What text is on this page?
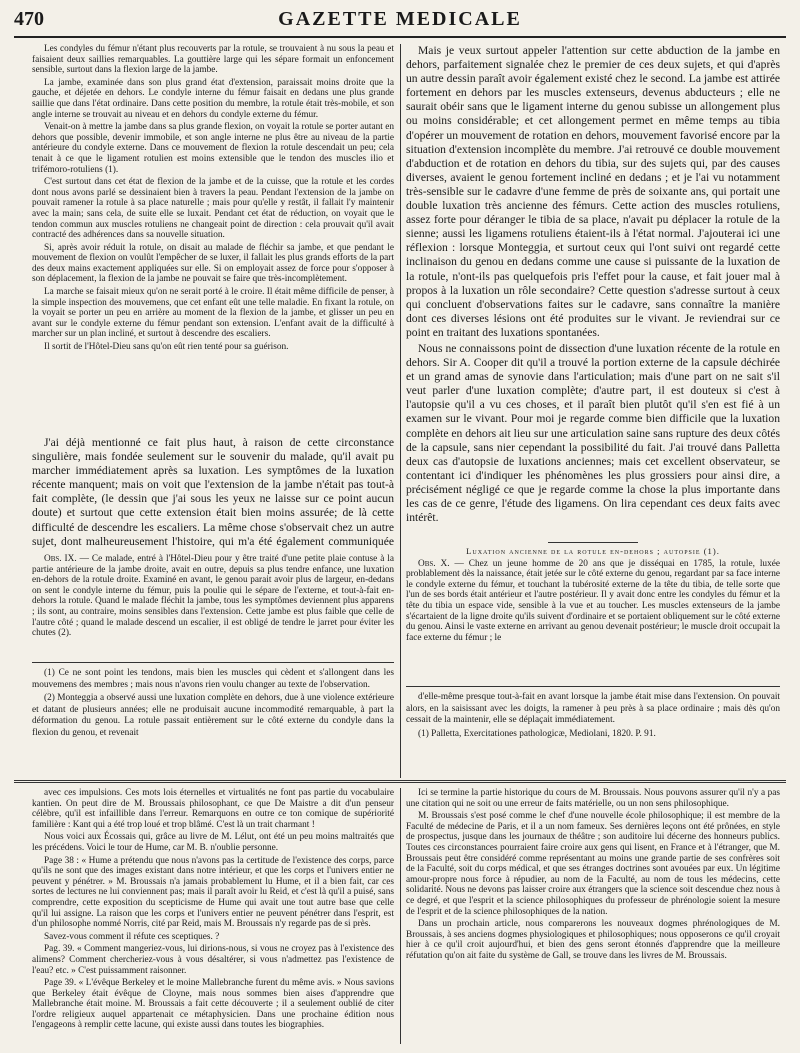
470	GAZETTE MEDICALE

Les condyles du fémur n'étant plus recouverts par la rotule, se trouvaient à nu sous la peau et faisaient deux saillies remarquables. La gouttière large qui les sépare formait un enfoncement sensible, surtout dans la flexion large de la jambe.

La jambe, examinée dans son plus grand état d'extension, paraissait moins droite que la gauche, et déjetée en dehors. Le condyle interne du fémur faisait en dedans une plus grande saillie que dans l'état ordinaire. Dans cette position du membre, la rotule était très-mobile, et son angle interne se trouvait au niveau et en dehors du condyle externe du fémur.

Venait-on à mettre la jambe dans sa plus grande flexion, on voyait la rotule se porter autant en dehors que possible, devenir immobile, et son angle interne ne plus être au niveau de la partie antérieure du condyle externe. Dans ce mouvement de flexion la rotule descendait un peu; cela tenait à ce que le ligament rotulien est moins extensible que le tendon des muscles ilio et trifémoro-rotuliens (1).

C'est surtout dans cet état de flexion de la jambe et de la cuisse, que la rotule et les cordes dont nous avons parlé se dessinaient bien à travers la peau. Pendant l'extension de la jambe on pouvait ramener la rotule à sa place naturelle ; mais pour qu'elle y restât, il fallait l'y maintenir avec la main; sans cela, de suite elle se luxait. Pendant cet état de réduction, on voyait que le tendon commun aux muscles rotuliens ne changeait point de direction : cela prouvait qu'il avait contracté des adhérences dans sa nouvelle situation.

Si, après avoir réduit la rotule, on disait au malade de fléchir sa jambe, et que pendant le mouvement de flexion on voulût l'empêcher de se luxer, il fallait les plus grands efforts de la part des deux mains exactement appliquées sur elle. Si on employait assez de force pour s'opposer à son déplacement, la flexion de la jambe ne pouvait se faire que très-incomplètement.

La marche se faisait mieux qu'on ne serait porté à le croire. Il était même difficile de penser, à la simple inspection des mouvemens, que cet enfant eût une telle maladie. En fixant la rotule, on la voyait se porter un peu en arrière au moment de la flexion de la jambe, et glisser un peu en avant sur le condyle externe du fémur pendant son extension. L'enfant avait de la difficulté à marcher sur un plan incliné, et surtout à descendre des escaliers.

Il sortit de l'Hôtel-Dieu sans qu'on eût rien tenté pour sa guérison.

J'ai déjà mentionné ce fait plus haut, à raison de cette circonstance singulière, mais fondée seulement sur le souvenir du malade, qu'il avait pu marcher immédiatement après sa luxation. Les symptômes de la luxation récente manquent; mais on voit que l'extension de la jambe n'était pas tout-à fait complète, (le dessin que j'ai sous les yeux ne laisse sur ce point aucun doute) et surtout que cette extension était bien moins assurée; de là cette difficulté de descendre les escaliers. La même chose s'observait chez un autre sujet, dont malheureusement l'histoire, qui m'a été également communiquée

Obs. IX. — Ce malade, entré à l'Hôtel-Dieu pour y être traité d'une petite plaie contuse à la partie antérieure de la jambe droite, avait en outre, depuis sa plus tendre enfance, une luxation en-dehors de la rotule droite. Examiné en avant, le genou parait avoir plus de largeur, en-dedans on sent le condyle interne du fémur, puis la poulie qui le sépare de l'externe, et tout-à-fait en-dehors la rotule. Quand le malade fléchit la jambe, tous les symptômes deviennent plus apparens ; ils sont, au contraire, moins sensibles dans l'extension. Cette jambe est plus faible que celle de l'autre côté ; quand le malade descend un escalier, il est obligé de tendre le jarret pour éviter les chutes (2).

(1) Ce ne sont point les tendons, mais bien les muscles qui cèdent et s'allongent dans les mouvemens des membres ; mais nous n'avons rien voulu changer au texte de l'observation.

(2) Monteggia a observé aussi une luxation complète en dehors, due à une violence extérieure et datant de plusieurs années; elle ne produisait aucune incommodité remarquable, à part la déformation du genou. La rotule passait entièrement sur le côté externe du condyle dans la flexion du genou, et revenait

Mais je veux surtout appeler l'attention sur cette abduction de la jambe en dehors, parfaitement signalée chez le premier de ces deux sujets, et qui d'après un autre dessin paraît avoir également existé chez le second. La jambe est attirée fortement en dehors par les muscles extenseurs, devenus abducteurs ; elle ne saurait obéir sans que le ligament interne du genou subisse un allongement plus ou moins considérable; et cet allongement permet en même temps au tibia d'opérer un mouvement de rotation en dehors, mouvement favorisé encore par la situation d'extension incomplète du membre. J'ai retrouvé ce double mouvement d'abduction et de rotation en dehors du tibia, sur des sujets qui, par des causes diverses, avaient le genou fortement incliné en dedans ; et je l'ai vu notamment très-sensible sur le cadavre d'une femme de près de soixante ans, qui portait une double luxation très ancienne des fémurs. Cette action des muscles rotuliens, assez forte pour déranger le tibia de sa place, n'avait pu déplacer la rotule de la sienne; aussi les ligamens rotuliens étaient-ils à l'état normal. J'ajouterai ici une réflexion : lorsque Monteggia, et surtout ceux qui l'ont suivi ont regardé cette inclinaison du genou en dedans comme une cause si puissante de la luxation de la rotule, n'ont-ils pas quelquefois pris l'effet pour la cause, et fait jouer mal à propos à la luxation un rôle secondaire? Cette question s'adresse surtout à ceux qui concluent d'observations faites sur le cadavre, sans connaître la manière dont ces diverses lésions ont été produites sur le vivant. Je reviendrai sur ce point en traitant des luxations spontanées.

Nous ne connaissons point de dissection d'une luxation récente de la rotule en dehors. Sir A. Cooper dit qu'il a trouvé la portion externe de la capsule déchirée et un grand amas de synovie dans l'articulation; mais d'une part on ne sait s'il veut parler d'une luxation complète; d'autre part, il est douteux si c'est à l'autopsie qu'il a vu ces choses, et il paraît bien plutôt qu'il s'en est fié à un examen sur le vivant. Pour moi je regarde comme bien difficile que la luxation complète en dehors ait lieu sur une articulation saine sans rupture des deux côtés de la capsule, sans nier cependant la possibilité du fait. J'ai trouvé dans Palletta deux cas d'autopsie de luxations anciennes; mais cet excellent observateur, se contentant ici d'indiquer les phénomènes les plus grossiers pour ainsi dire, a précisément négligé ce que je regarde comme la chose la plus importante dans les cas de ce genre, l'étude des ligamens. On lira cependant ces deux faits avec intérêt.

Luxation ancienne de la rotule en-dehors ; autopsie (1).

Obs. X. — Chez un jeune homme de 20 ans que je disséquai en 1785, la rotule, luxée problablement dès la naissance, était jetée sur le côté externe du genou, regardant par sa face interne le condyle externe du fémur, et touchant la tubérosité externe de la tête du tibia, de telle sorte que l'un de ses bords était antérieur et l'autre postérieur. Il y avait donc entre les condyles du fémur et la tête du tibia un espace vide, sensible à la vue et au toucher. Les muscles extenseurs de la jambe s'écartaient de la ligne droite qu'ils suivent d'ordinaire et se portaient obliquement sur le côté externe du genou. Ainsi le vaste externe en arrivant au genou devenait postérieur; le muscle droit occupait la face externe du fémur ; le

d'elle-même presque tout-à-fait en avant lorsque la jambe était mise dans l'extension. On pouvait alors, en la saisissant avec les doigts, la ramener à peu près à sa place ordinaire ; mais dès qu'on cessait de la maintenir, elle se déplaçait immédiatement.

(1) Palletta, Exercitationes pathologicæ, Mediolani, 1820. P. 91.

avec ces impulsions. Ces mots lois éternelles et virtualités ne font pas partie du vocabulaire kantien. On peut dire de M. Broussais philosophant, ce que De Maistre a dit d'un penseur célèbre, qu'il est infaillible dans l'erreur. Remarquons en outre ce ton comique de supériorité familière : Kant qui a été trop loué et trop blâmé. C'est là un trait charmant !

Nous voici aux Écossais qui, grâce au livre de M. Lélut, ont été un peu moins maltraités que les précédens. Voici le tour de Hume, car M. B. n'oublie personne.

Page 38 : « Hume a prétendu que nous n'avons pas la certitude de l'existence des corps, parce qu'ils ne sont que des images existant dans notre intérieur, et que les corps et l'univers entier ne peuvent y pénétrer. » M. Broussais n'a jamais probablement lu Hume, et il a bien fait, car ces sortes de lectures ne lui conviennent pas; mais il paraît avoir lu Reid, et c'est là qu'il a puisé, sans comprendre, cette exposition du scepticisme de Hume qui avait une tout autre base que celle qu'il lui assigne. La raison que les corps et l'univers entier ne peuvent pénétrer dans l'esprit, est d'un philosophe nommé Norris, cité par Reid, mais M. Broussais n'y regarde pas de si près.

Savez-vous comment il réfute ces sceptiques. ?

Pag. 39. « Comment mangeriez-vous, lui dirions-nous, si vous ne croyez pas à l'existence des alimens? Comment chercheriez-vous à vous désaltérer, si vous n'admettez pas l'existence de l'eau? etc. » C'est puissamment raisonner.

Page 39. « L'évêque Berkeley et le moine Mallebranche furent du même avis. » Nous savions que Berkeley était évêque de Cloyne, mais nous sommes bien aises d'apprendre que Mallebranche était moine. M. Broussais a fait cette découverte ; il a seulement oublié de citer l'ordre religieux auquel appartenait ce métaphysicien. Dans une prochaine édition nous l'engageons à remplir cette lacune, qui existe aussi dans toutes les biographies.

Ici se termine la partie historique du cours de M. Broussais. Nous pouvons assurer qu'il n'y a pas une citation qui ne soit ou une erreur de faits matérielle, ou un non sens philosophique.

M. Broussais s'est posé comme le chef d'une nouvelle école philosophique; il est membre de la Faculté de médecine de Paris, et il a un nom fameux. Ses dernières leçons ont été prônées, en style de prospectus, jusque dans les journaux de théâtre ; son auditoire lui décerne des honneurs publics. Toutes ces circonstances pourraient faire croire aux gens qui lisent, en France et à l'étranger, que M. Broussais peut être considéré comme représentant au moins une grande partie de ses confrères soit de la Faculté, soit du corps médical, et que ses étranges doctrines sont avouées par eux. Un légitime amour-propre nous force à répudier, au nom de la Faculté, au nom de tous les médecins, cette solidarité. Nous ne devons pas laisser croire aux étrangers que la science soit descendue chez nous à ce degré, et que l'esprit et la science philosophiques du professeur de phrénologie soient la mesure de l'esprit et de la science philosophiques de la nation.

Dans un prochain article, nous comparerons les nouveaux dogmes phrénologiques de M. Broussais, à ses anciens dogmes physiologiques et philosophiques; nous opposerons ce qu'il croyait hier à ce qu'il croit aujourd'hui, et bien des gens seront étonnés d'apprendre que la meilleure réfutation qu'on ait faite du système de Gall, se trouve dans les livres de M. Broussais.
